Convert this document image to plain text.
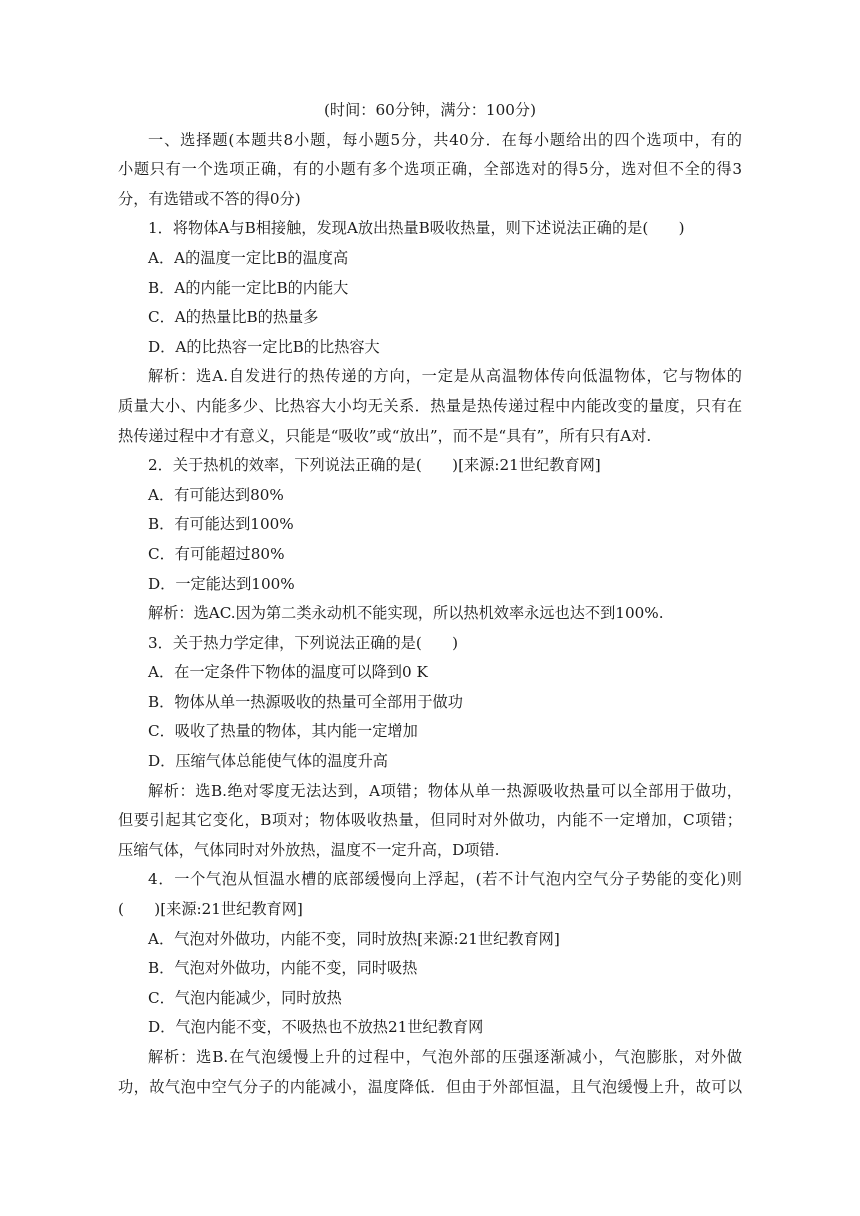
(时间：60分钟，满分：100分)
一、选择题(本题共8小题，每小题5分，共40分．在每小题给出的四个选项中，有的
小题只有一个选项正确，有的小题有多个选项正确，全部选对的得5分，选对但不全的得3
分，有选错或不答的得0分)
1．将物体A与B相接触，发现A放出热量B吸收热量，则下述说法正确的是(　　)
A．A的温度一定比B的温度高
B．A的内能一定比B的内能大
C．A的热量比B的热量多
D．A的比热容一定比B的比热容大
解析：选A.自发进行的热传递的方向，一定是从高温物体传向低温物体，它与物体的
质量大小、内能多少、比热容大小均无关系．热量是热传递过程中内能改变的量度，只有在
热传递过程中才有意义，只能是“吸收”或“放出”，而不是“具有”，所有只有A对.
2．关于热机的效率，下列说法正确的是(　　)[来源:21世纪教育网]
A．有可能达到80%
B．有可能达到100%
C．有可能超过80%
D．一定能达到100%
解析：选AC.因为第二类永动机不能实现，所以热机效率永远也达不到100%.
3．关于热力学定律，下列说法正确的是(　　)
A．在一定条件下物体的温度可以降到0 K
B．物体从单一热源吸收的热量可全部用于做功
C．吸收了热量的物体，其内能一定增加
D．压缩气体总能使气体的温度升高
解析：选B.绝对零度无法达到，A项错；物体从单一热源吸收热量可以全部用于做功，
但要引起其它变化，B项对；物体吸收热量，但同时对外做功，内能不一定增加，C项错；
压缩气体，气体同时对外放热，温度不一定升高，D项错.
4．一个气泡从恒温水槽的底部缓慢向上浮起，(若不计气泡内空气分子势能的变化)则
(　　)[来源:21世纪教育网]
A．气泡对外做功，内能不变，同时放热[来源:21世纪教育网]
B．气泡对外做功，内能不变，同时吸热
C．气泡内能减少，同时放热
D．气泡内能不变，不吸热也不放热21世纪教育网
解析：选B.在气泡缓慢上升的过程中，气泡外部的压强逐渐减小，气泡膨胀，对外做
功，故气泡中空气分子的内能减小，温度降低．但由于外部恒温，且气泡缓慢上升，故可以
